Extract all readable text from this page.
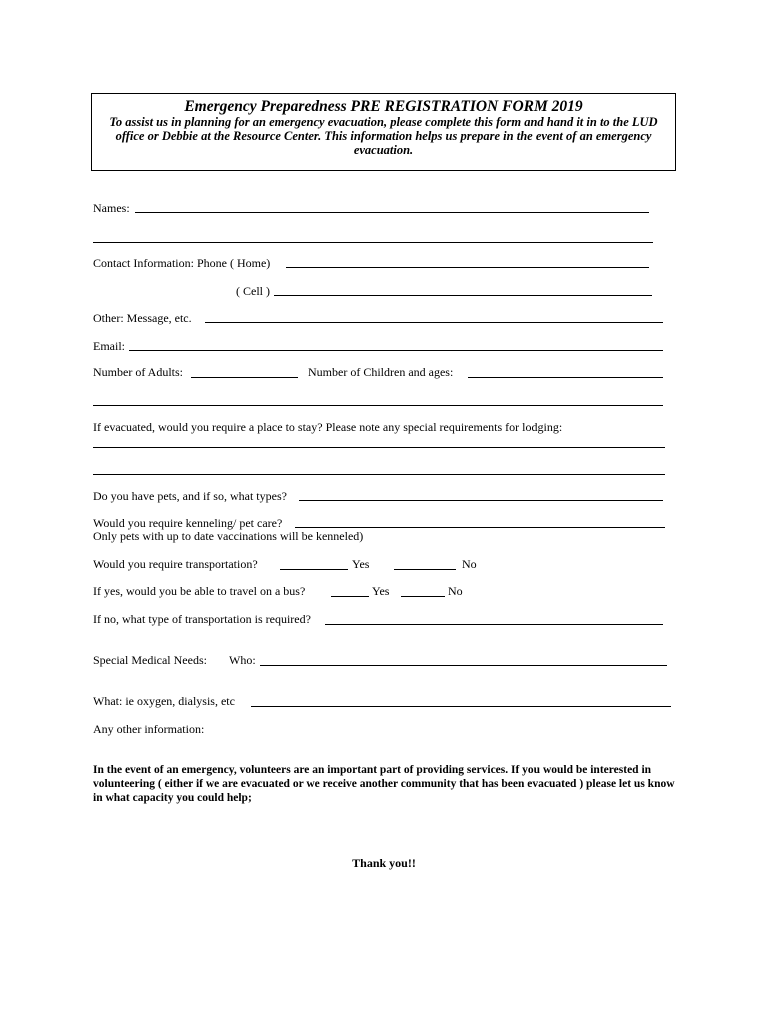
Emergency Preparedness PRE REGISTRATION FORM 2019
To assist us in planning for an emergency evacuation, please complete this form and hand it in to the LUD office or Debbie at the Resource Center. This information helps us prepare in the event of an emergency evacuation.
Names:
Contact Information: Phone ( Home)
( Cell )
Other: Message, etc.
Email:
Number of Adults:	Number of Children and ages:
If evacuated, would you require a place to stay? Please note any special requirements for lodging:
Do you have pets, and if so, what types?
Would you require kenneling/ pet care?
Only pets with up to date vaccinations will be kenneled)
Would you require transportation?	Yes	No
If yes, would you be able to travel on a bus?	Yes	No
If no, what type of transportation is required?
Special Medical Needs: Who:
What: ie oxygen, dialysis, etc
Any other information:
In the event of an emergency, volunteers are an important part of providing services. If you would be interested in volunteering ( either if we are evacuated or we receive another community that has been evacuated ) please let us know in what capacity you could help;
Thank you!!
